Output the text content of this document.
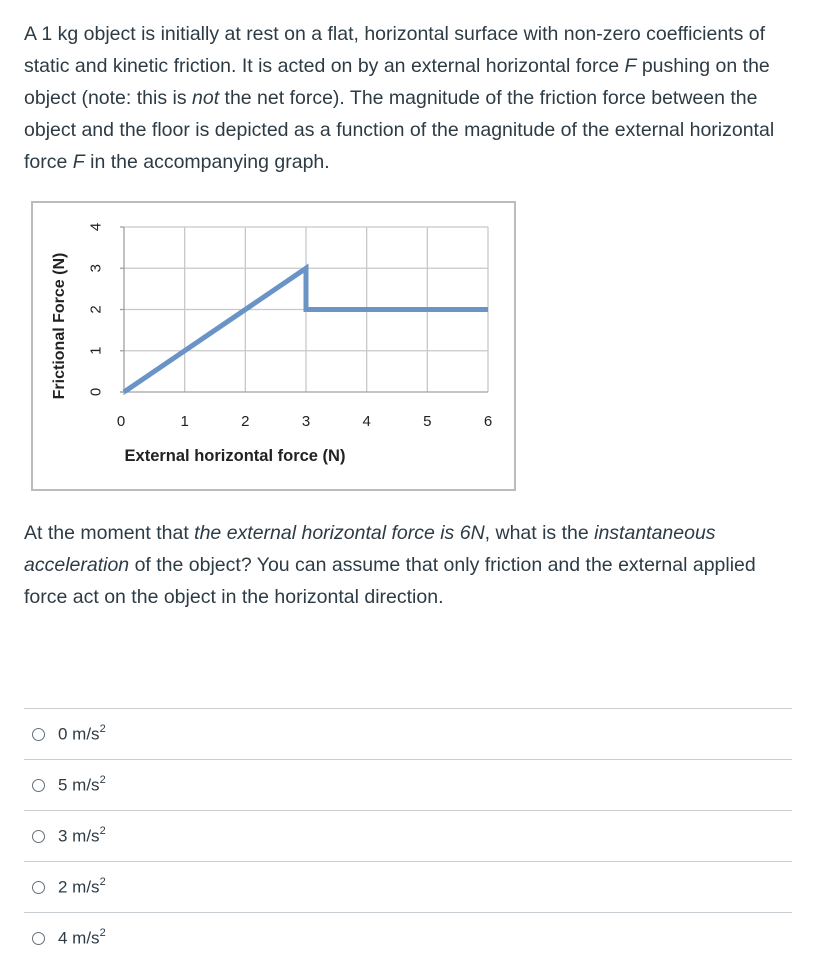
A 1 kg object is initially at rest on a flat, horizontal surface with non-zero coefficients of static and kinetic friction. It is acted on by an external horizontal force F pushing on the object (note: this is not the net force). The magnitude of the friction force between the object and the floor is depicted as a function of the magnitude of the external horizontal force F in the accompanying graph.

0
1
2
3
4
0	1	2	3	4	5	6
External horizontal force (N)
Frictional Force (N)

At the moment that the external horizontal force is 6N, what is the instantaneous acceleration of the object? You can assume that only friction and the external applied force act on the object in the horizontal direction.

0 $m/s^2$
5 $m/s^2$
3 $m/s^2$
2 $m/s^2$
4 $m/s^2$
